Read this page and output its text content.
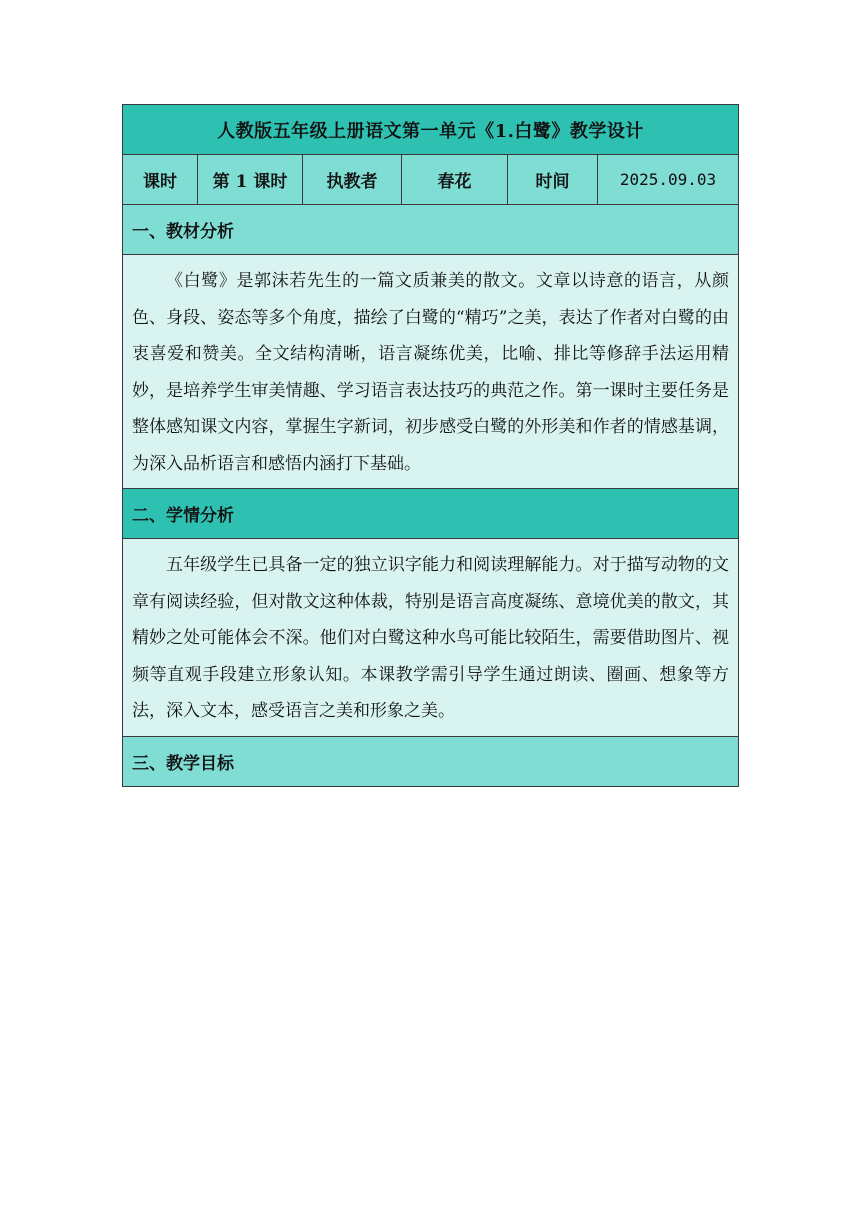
人教版五年级上册语文第一单元《1.白鹭》教学设计
课时	第 1 课时	执教者	春花	时间	2025.09.03
一、教材分析
《白鹭》是郭沫若先生的一篇文质兼美的散文。文章以诗意的语言，从颜色、身段、姿态等多个角度，描绘了白鹭的“精巧”之美，表达了作者对白鹭的由衷喜爱和赞美。全文结构清晰，语言凝练优美，比喻、排比等修辞手法运用精妙，是培养学生审美情趣、学习语言表达技巧的典范之作。第一课时主要任务是整体感知课文内容，掌握生字新词，初步感受白鹭的外形美和作者的情感基调，为深入品析语言和感悟内涵打下基础。
二、学情分析
五年级学生已具备一定的独立识字能力和阅读理解能力。对于描写动物的文章有阅读经验，但对散文这种体裁，特别是语言高度凝练、意境优美的散文，其精妙之处可能体会不深。他们对白鹭这种水鸟可能比较陌生，需要借助图片、视频等直观手段建立形象认知。本课教学需引导学生通过朗读、圈画、想象等方法，深入文本，感受语言之美和形象之美。
三、教学目标
